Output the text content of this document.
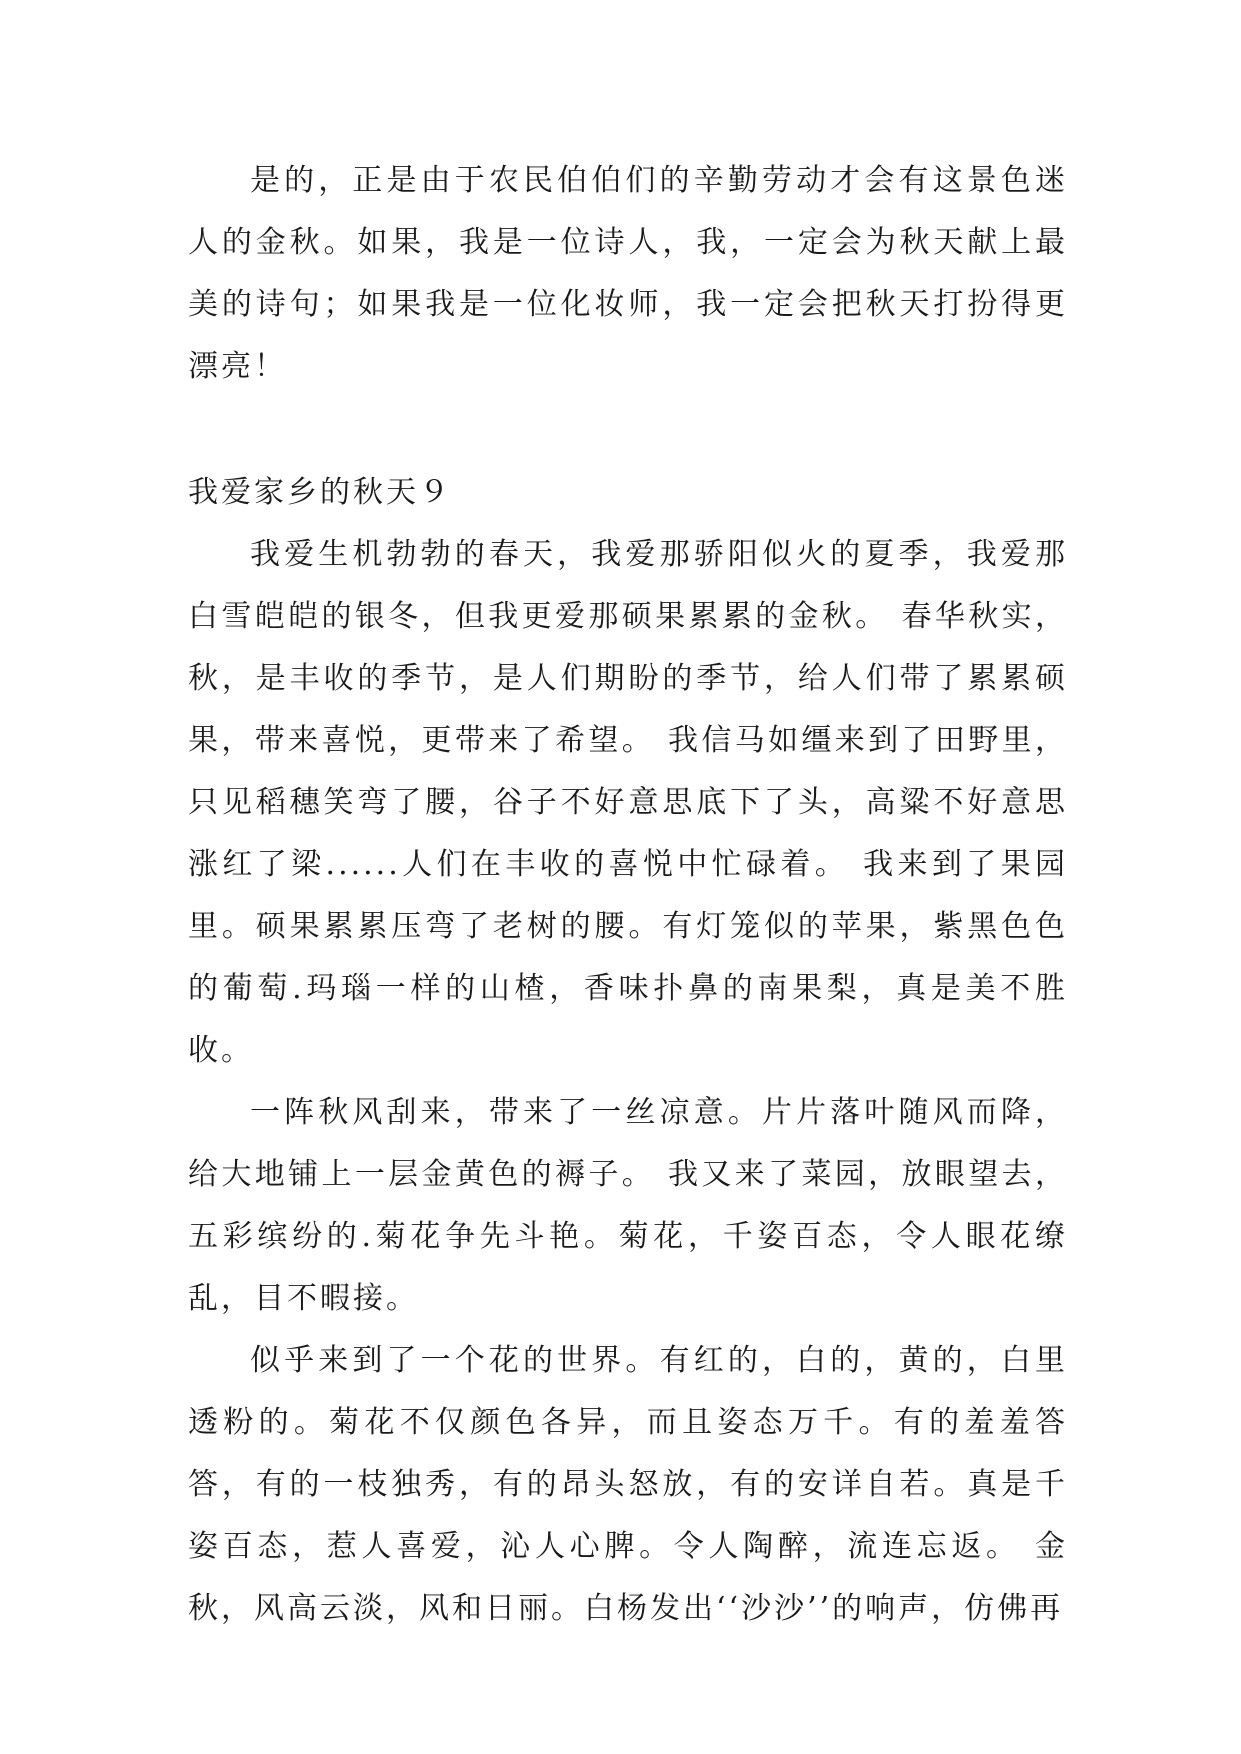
是的，正是由于农民伯伯们的辛勤劳动才会有这景色迷人的金秋。如果，我是一位诗人，我，一定会为秋天献上最美的诗句；如果我是一位化妆师，我一定会把秋天打扮得更漂亮！

我爱家乡的秋天９

我爱生机勃勃的春天，我爱那骄阳似火的夏季，我爱那白雪皑皑的银冬，但我更爱那硕果累累的金秋。 春华秋实，秋，是丰收的季节，是人们期盼的季节，给人们带了累累硕果，带来喜悦，更带来了希望。 我信马如缰来到了田野里，只见稻穗笑弯了腰，谷子不好意思底下了头，高粱不好意思涨红了梁......人们在丰收的喜悦中忙碌着。 我来到了果园里。硕果累累压弯了老树的腰。有灯笼似的苹果，紫黑色色的葡萄.玛瑙一样的山楂，香味扑鼻的南果梨，真是美不胜收。

一阵秋风刮来，带来了一丝凉意。片片落叶随风而降，给大地铺上一层金黄色的褥子。 我又来了菜园，放眼望去，五彩缤纷的.菊花争先斗艳。菊花，千姿百态，令人眼花缭乱，目不暇接。

似乎来到了一个花的世界。有红的，白的，黄的，白里透粉的。菊花不仅颜色各异，而且姿态万千。有的羞羞答答，有的一枝独秀，有的昂头怒放，有的安详自若。真是千姿百态，惹人喜爱，沁人心脾。令人陶醉，流连忘返。 金秋，风高云淡，风和日丽。白杨发出‘‘沙沙’’的响声，仿佛再
